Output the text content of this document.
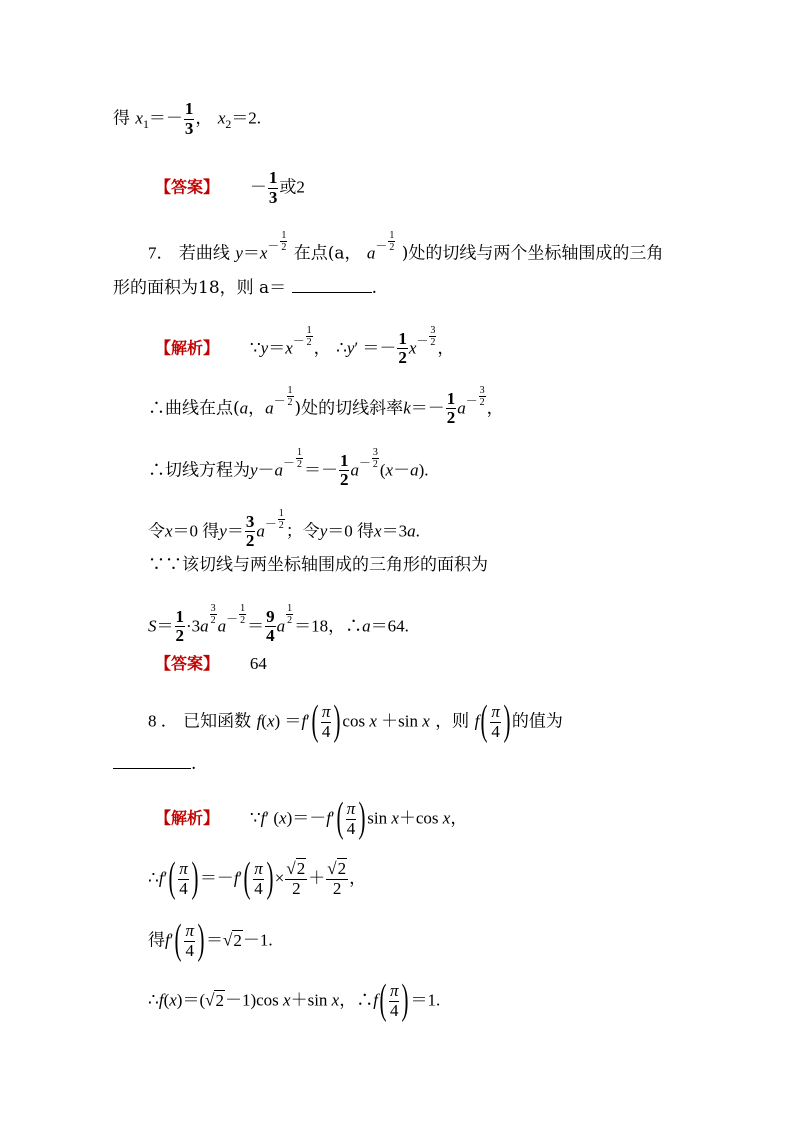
得 $x_1=- \frac{1}{3}$ ， $x_2=2$.
【答案】 － $\frac{1}{3}$ 或2
7． 若曲线 $y=x^{- \frac{1}{2}}$
在点(a， $a^{- \frac{1}{2}}$
)处的切线与两个坐标轴围成的三角
形的面积为18，则 a＝	.
【解析】 $\because y=x^{- \frac{1}{2}}$ ， ∴y′ ＝－ $\frac{1}{2} x^{- \frac{3}{2}}$ ，
∴曲线在点(a，$a^{- \frac{1}{2}}$
)处的切线斜率$k=- \frac{1}{2} a^{- \frac{3}{2}}$ ，
∴切线方程为$y-a^{- \frac{1}{2}} =- \frac{1}{2} a^{- \frac{3}{2}}$ (x－a).
令x＝0 得$y= \frac{3}{2} a^{- \frac{1}{2}}$
；令y＝0 得x＝3a.
∵∵该切线与两坐标轴围成的三角形的面积为
$S= \frac{1}{2} \cdot 3a$ $^{\frac{3}{2}}$ $a^{- \frac{1}{2}} = \frac{9}{4}$ a $^{\frac{1}{2}}$ ＝18，∴a＝64.
【答案】 64
8 ． 已知函数 $f(x) =f'( \frac{\pi}{4} )\cos$ x ＋sin x ，则 $f( \frac{\pi}{4}$ )的值为
.
【解析】 ∵f′ $(x)=-f'( \frac{\pi}{4} )\sin$ x＋cos x，
∴f′( $\frac{\pi}{4} )=-f'( \frac{\pi}{4}$ )× $\frac{√2}{2} + \frac{√2}{2}$ ，
得$f'( \frac{\pi}{4} )=√2-1$.
∴f(x)＝(√2－1)cos x＋sin x，∴f( $\frac{\pi}{4} )=1$.
